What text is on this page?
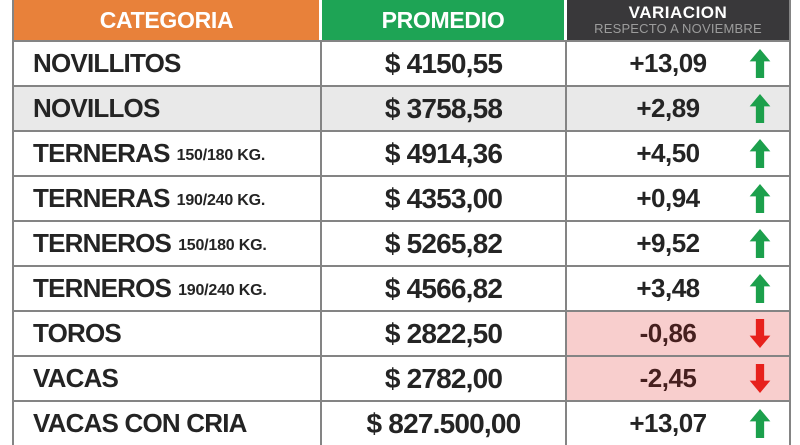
CATEGORIA	PROMEDIO	VARIACION
RESPECTO A NOVIEMBRE
NOVILLITOS	$ 4150,55	+13,09
NOVILLOS	$ 3758,58	+2,89
TERNERAS 150/180 KG.	$ 4914,36	+4,50
TERNERAS 190/240 KG.	$ 4353,00	+0,94
TERNEROS 150/180 KG.	$ 5265,82	+9,52
TERNEROS 190/240 KG.	$ 4566,82	+3,48
TOROS	$ 2822,50	-0,86
VACAS	$ 2782,00	-2,45
VACAS CON CRIA	$ 827.500,00	+13,07
